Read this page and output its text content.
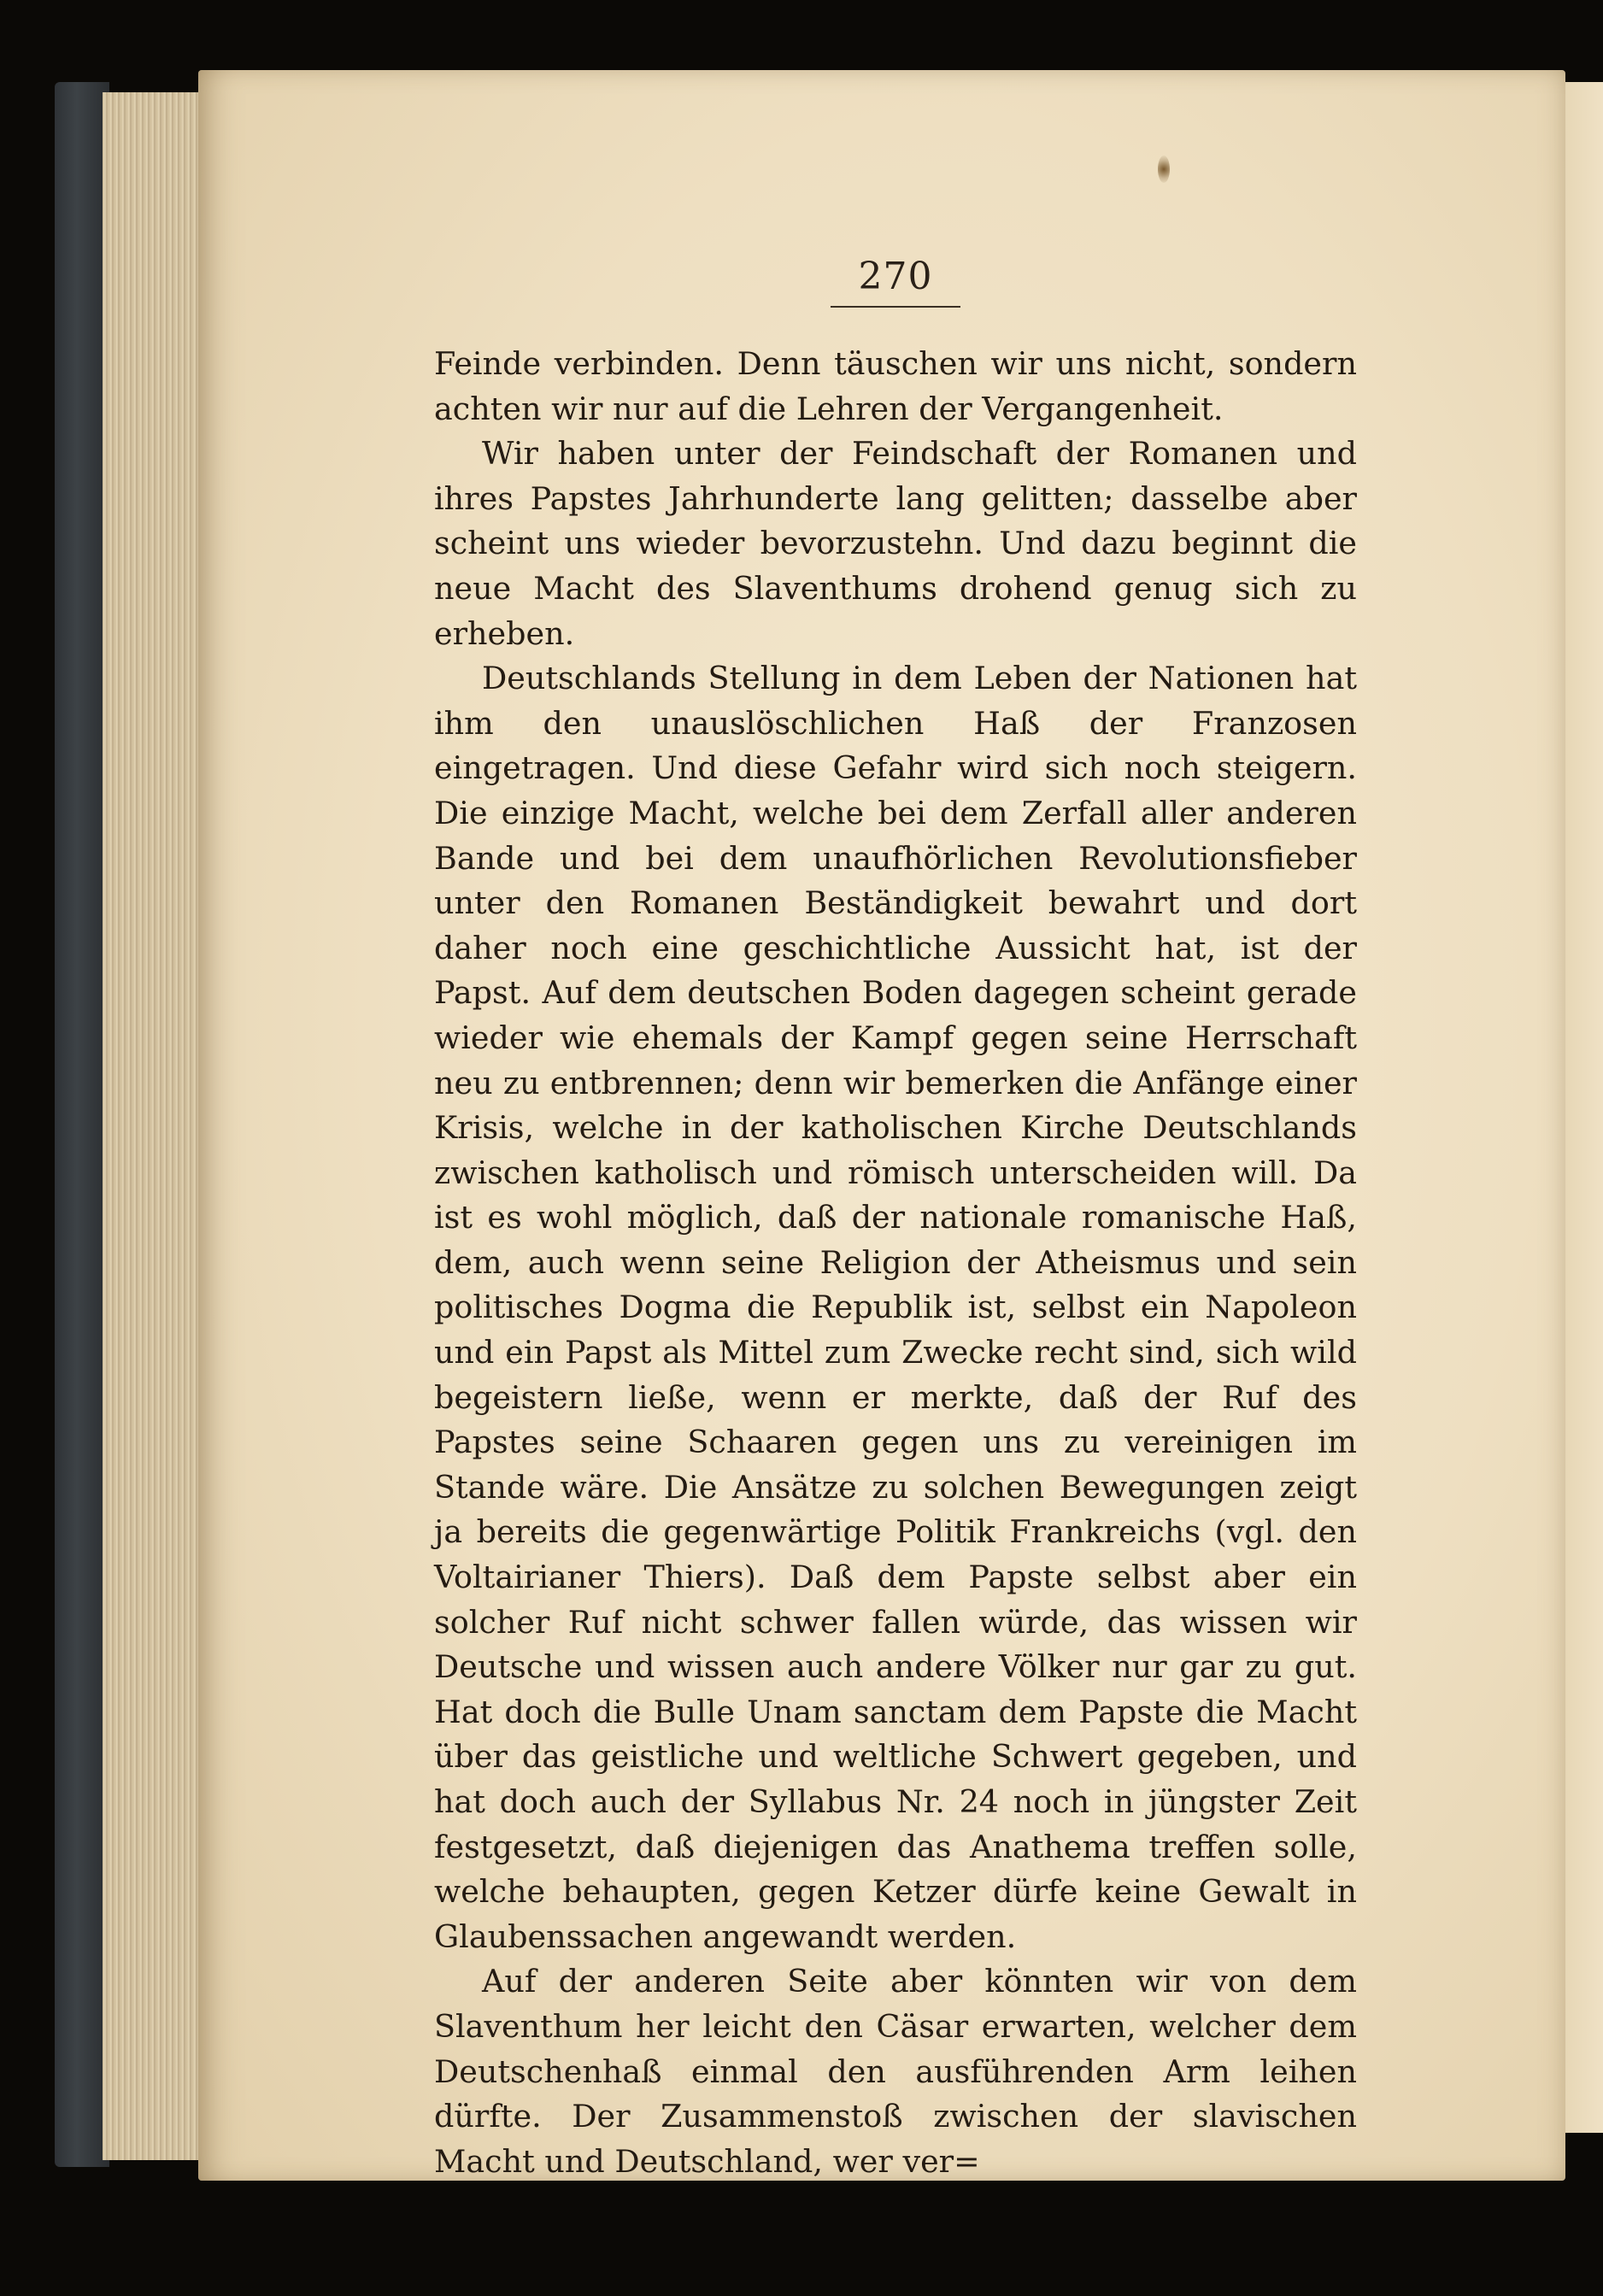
270

Feinde verbinden. Denn täuschen wir uns nicht, sondern achten wir nur auf die Lehren der Vergangenheit.

Wir haben unter der Feindschaft der Romanen und ihres Papstes Jahrhunderte lang gelitten; dasselbe aber scheint uns wieder bevorzustehn. Und dazu beginnt die neue Macht des Slaventhums drohend genug sich zu erheben.

Deutschlands Stellung in dem Leben der Nationen hat ihm den unauslöschlichen Haß der Franzosen eingetragen. Und diese Gefahr wird sich noch steigern. Die einzige Macht, welche bei dem Zerfall aller anderen Bande und bei dem unaufhörlichen Revolutionsfieber unter den Romanen Beständigkeit bewahrt und dort daher noch eine geschichtliche Aussicht hat, ist der Papst. Auf dem deutschen Boden dagegen scheint gerade wieder wie ehemals der Kampf gegen seine Herrschaft neu zu entbrennen; denn wir bemerken die Anfänge einer Krisis, welche in der katholischen Kirche Deutschlands zwischen katholisch und römisch unterscheiden will. Da ist es wohl möglich, daß der nationale romanische Haß, dem, auch wenn seine Religion der Atheismus und sein politisches Dogma die Republik ist, selbst ein Napoleon und ein Papst als Mittel zum Zwecke recht sind, sich wild begeistern ließe, wenn er merkte, daß der Ruf des Papstes seine Schaaren gegen uns zu vereinigen im Stande wäre. Die Ansätze zu solchen Bewegungen zeigt ja bereits die gegenwärtige Politik Frankreichs (vgl. den Voltairianer Thiers). Daß dem Papste selbst aber ein solcher Ruf nicht schwer fallen würde, das wissen wir Deutsche und wissen auch andere Völker nur gar zu gut. Hat doch die Bulle Unam sanctam dem Papste die Macht über das geistliche und weltliche Schwert gegeben, und hat doch auch der Syllabus Nr. 24 noch in jüngster Zeit festgesetzt, daß diejenigen das Anathema treffen solle, welche behaupten, gegen Ketzer dürfe keine Gewalt in Glaubenssachen angewandt werden.

Auf der anderen Seite aber könnten wir von dem Slaventhum her leicht den Cäsar erwarten, welcher dem Deutschenhaß einmal den ausführenden Arm leihen dürfte. Der Zusammenstoß zwischen der slavischen Macht und Deutschland, wer ver=
